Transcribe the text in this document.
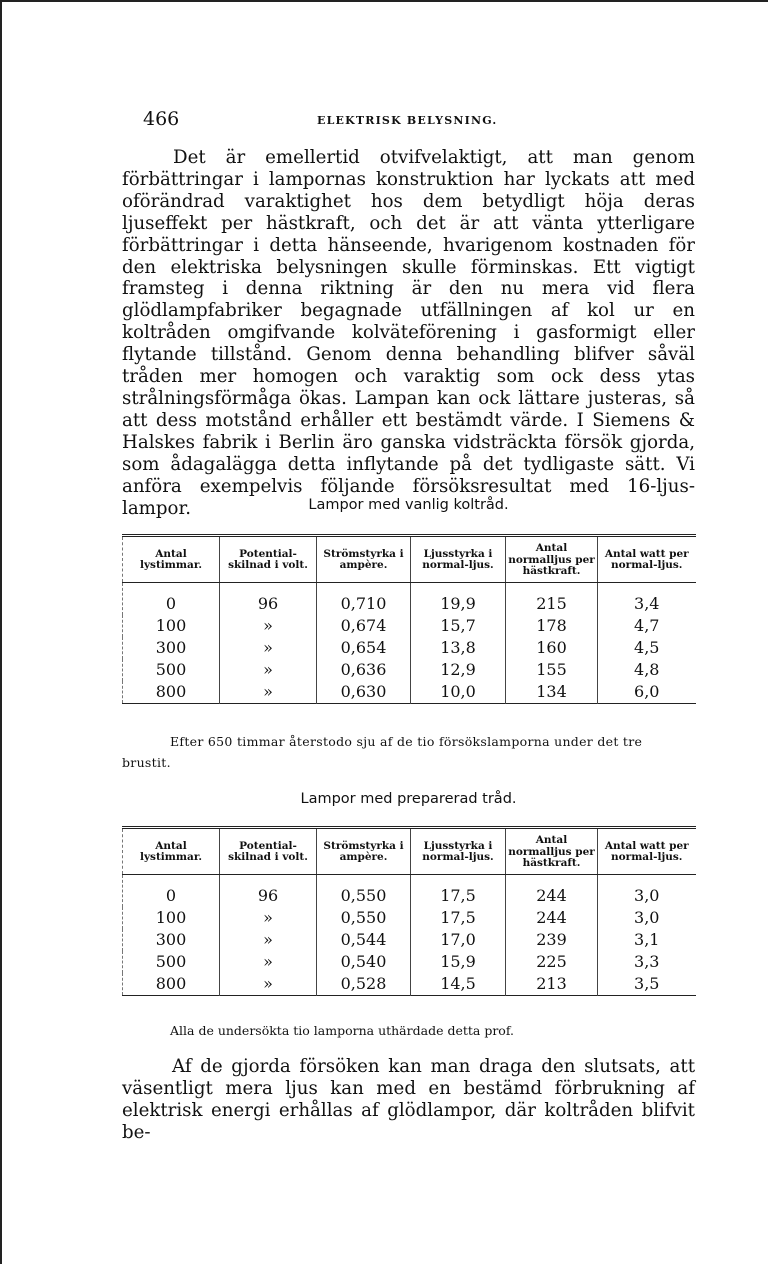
466	ELEKTRISK BELYSNING.

Det är emellertid otvifvelaktigt, att man genom förbättringar i lampornas konstruktion har lyckats att med oförändrad varaktighet hos dem betydligt höja deras ljuseffekt per hästkraft, och det är att vänta ytterligare förbättringar i detta hänseende, hvarigenom kostnaden för den elektriska belysningen skulle förminskas. Ett vigtigt framsteg i denna riktning är den nu mera vid flera glödlampfabriker begagnade utfällningen af kol ur en koltråden omgifvande kolväteförening i gasformigt eller flytande tillstånd. Genom denna behandling blifver såväl tråden mer homogen och varaktig som ock dess ytas strålningsförmåga ökas. Lampan kan ock lättare justeras, så att dess motstånd erhåller ett bestämdt värde. I Siemens & Halskes fabrik i Berlin äro ganska vidsträckta försök gjorda, som ådagalägga detta inflytande på det tydligaste sätt. Vi anföra exempelvis följande försöksresultat med 16-ljus-lampor.	Lampor med vanlig koltråd.

Antal lystimmar.	Potential-skilnad i volt.	Strömstyrka i ampère.	Ljusstyrka i normal-ljus.	Antal normalljus per hästkraft.	Antal watt per normal-ljus.
0	96	0,710	19,9	215	3,4
100	»	0,674	15,7	178	4,7
300	»	0,654	13,8	160	4,5
500	»	0,636	12,9	155	4,8
800	»	0,630	10,0	134	6,0

Efter 650 timmar återstodo sju af de tio försökslamporna under det tre brustit.

Lampor med preparerad tråd.

Antal lystimmar.	Potential-skilnad i volt.	Strömstyrka i ampère.	Ljusstyrka i normal-ljus.	Antal normalljus per hästkraft.	Antal watt per normal-ljus.
0	96	0,550	17,5	244	3,0
100	»	0,550	17,5	244	3,0
300	»	0,544	17,0	239	3,1
500	»	0,540	15,9	225	3,3
800	»	0,528	14,5	213	3,5

Alla de undersökta tio lamporna uthärdade detta prof.

Af de gjorda försöken kan man draga den slutsats, att väsentligt mera ljus kan med en bestämd förbrukning af elektrisk energi erhållas af glödlampor, där koltråden blifvit be-
